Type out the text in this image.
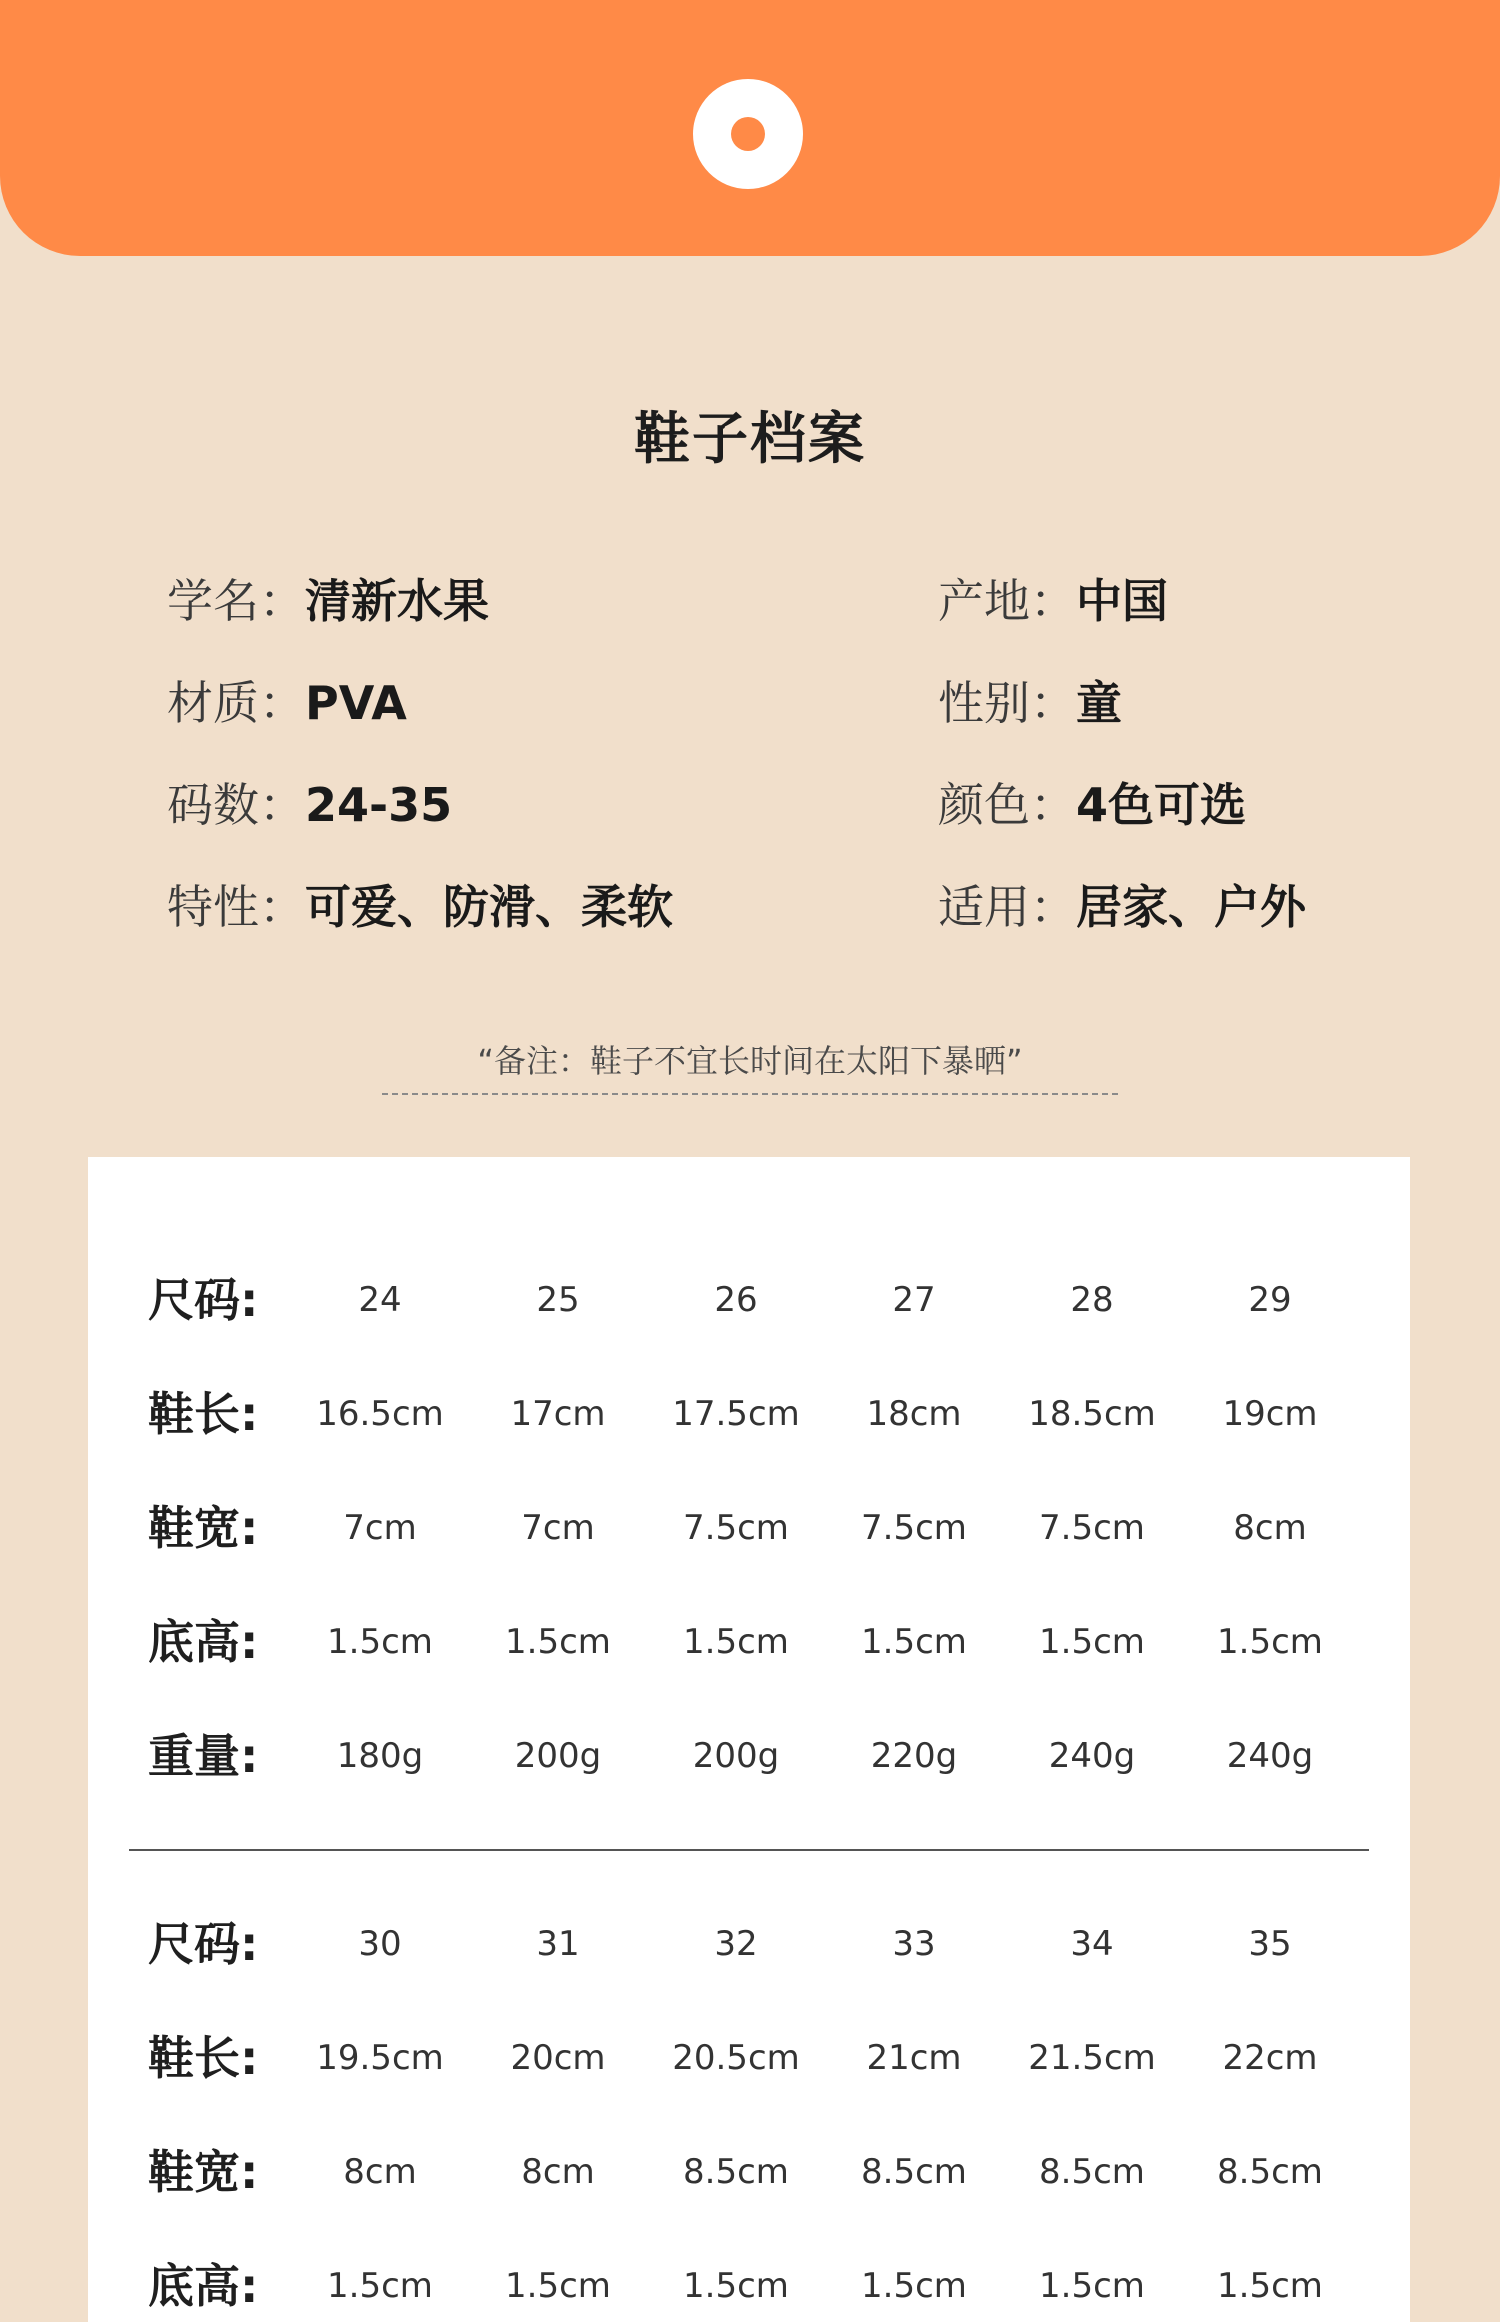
鞋子档案
学名：清新水果
材质：PVA
码数：24-35
特性：可爱、防滑、柔软
产地：中国
性别：童
颜色：4色可选
适用：居家、户外
“备注：鞋子不宜长时间在太阳下暴晒”
尺码:	24	25	26	27	28	29
鞋长:	16.5cm	17cm	17.5cm	18cm	18.5cm	19cm
鞋宽:	7cm	7cm	7.5cm	7.5cm	7.5cm	8cm
底高:	1.5cm	1.5cm	1.5cm	1.5cm	1.5cm	1.5cm
重量:	180g	200g	200g	220g	240g	240g
尺码:	30	31	32	33	34	35
鞋长:	19.5cm	20cm	20.5cm	21cm	21.5cm	22cm
鞋宽:	8cm	8cm	8.5cm	8.5cm	8.5cm	8.5cm
底高:	1.5cm	1.5cm	1.5cm	1.5cm	1.5cm	1.5cm
